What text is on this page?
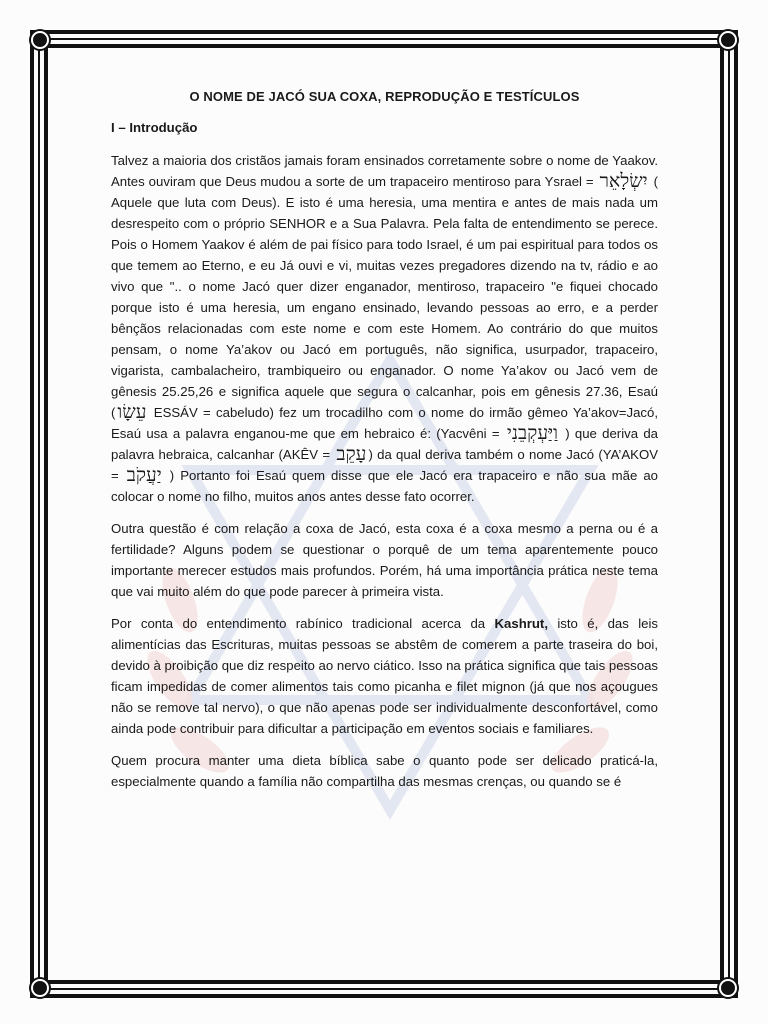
O NOME DE JACÓ SUA COXA, REPRODUÇÃO E TESTÍCULOS
I – Introdução

Talvez a maioria dos cristãos jamais foram ensinados corretamente sobre o nome de Yaakov. Antes ouviram que Deus mudou a sorte de um trapaceiro mentiroso para Ysrael = יִשְׂלָאֵר ( Aquele que luta com Deus). E isto é uma heresia, uma mentira e antes de mais nada um desrespeito com o próprio SENHOR e a Sua Palavra. Pela falta de entendimento se perece. Pois o Homem Yaakov é além de pai físico para todo Israel, é um pai espiritual para todos os que temem ao Eterno, e eu Já ouvi e vi, muitas vezes pregadores dizendo na tv, rádio e ao vivo que ".. o nome Jacó quer dizer enganador, mentiroso, trapaceiro "e fiquei chocado porque isto é uma heresia, um engano ensinado, levando pessoas ao erro, e a perder bênçãos relacionadas com este nome e com este Homem. Ao contrário do que muitos pensam, o nome Ya’akov ou Jacó em português, não significa, usurpador, trapaceiro, vigarista, cambalacheiro, trambiqueiro ou enganador. O nome Ya’akov ou Jacó vem de gênesis 25.25,26 e significa aquele que segura o calcanhar, pois em gênesis 27.36, Esaú ( עֵשָׂו ESSÁV = cabeludo) fez um trocadilho com o nome do irmão gêmeo Ya’akov=Jacó, Esaú usa a palavra enganou-me que em hebraico é: (Yacvêni = וַיַּעְקְבֵנִי ) que deriva da palavra hebraica, calcanhar (AKÊV = עָקֵב ) da qual deriva também o nome Jacó (YA’AKOV = יַעֲקֹב ) Portanto foi Esaú quem disse que ele Jacó era trapaceiro e não sua mãe ao colocar o nome no filho, muitos anos antes desse fato ocorrer.

Outra questão é com relação a coxa de Jacó, esta coxa é a coxa mesmo a perna ou é a fertilidade? Alguns podem se questionar o porquê de um tema aparentemente pouco importante merecer estudos mais profundos. Porém, há uma importância prática neste tema que vai muito além do que pode parecer à primeira vista.

Por conta do entendimento rabínico tradicional acerca da Kashrut, isto é, das leis alimentícias das Escrituras, muitas pessoas se abstêm de comerem a parte traseira do boi, devido à proibição que diz respeito ao nervo ciático. Isso na prática significa que tais pessoas ficam impedidas de comer alimentos tais como picanha e filet mignon (já que nos açougues não se remove tal nervo), o que não apenas pode ser individualmente desconfortável, como ainda pode contribuir para dificultar a participação em eventos sociais e familiares.

Quem procura manter uma dieta bíblica sabe o quanto pode ser delicado praticá-la, especialmente quando a família não compartilha das mesmas crenças, ou quando se é
